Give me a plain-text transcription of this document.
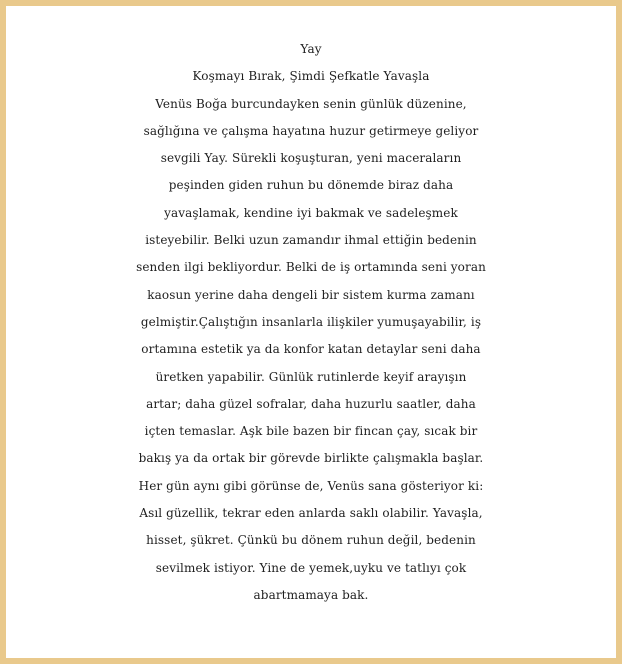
Yay
Koşmayı Bırak, Şimdi Şefkatle Yavaşla
Venüs Boğa burcundayken senin günlük düzenine,
sağlığına ve çalışma hayatına huzur getirmeye geliyor
sevgili Yay. Sürekli koşuşturan, yeni maceraların
peşinden giden ruhun bu dönemde biraz daha
yavaşlamak, kendine iyi bakmak ve sadeleşmek
isteyebilir. Belki uzun zamandır ihmal ettiğin bedenin
senden ilgi bekliyordur. Belki de iş ortamında seni yoran
kaosun yerine daha dengeli bir sistem kurma zamanı
gelmiştir.Çalıştığın insanlarla ilişkiler yumuşayabilir, iş
ortamına estetik ya da konfor katan detaylar seni daha
üretken yapabilir. Günlük rutinlerde keyif arayışın
artar; daha güzel sofralar, daha huzurlu saatler, daha
içten temaslar. Aşk bile bazen bir fincan çay, sıcak bir
bakış ya da ortak bir görevde birlikte çalışmakla başlar.
Her gün aynı gibi görünse de, Venüs sana gösteriyor ki:
Asıl güzellik, tekrar eden anlarda saklı olabilir. Yavaşla,
hisset, şükret. Çünkü bu dönem ruhun değil, bedenin
sevilmek istiyor. Yine de yemek,uyku ve tatlıyı çok
abartmamaya bak.
